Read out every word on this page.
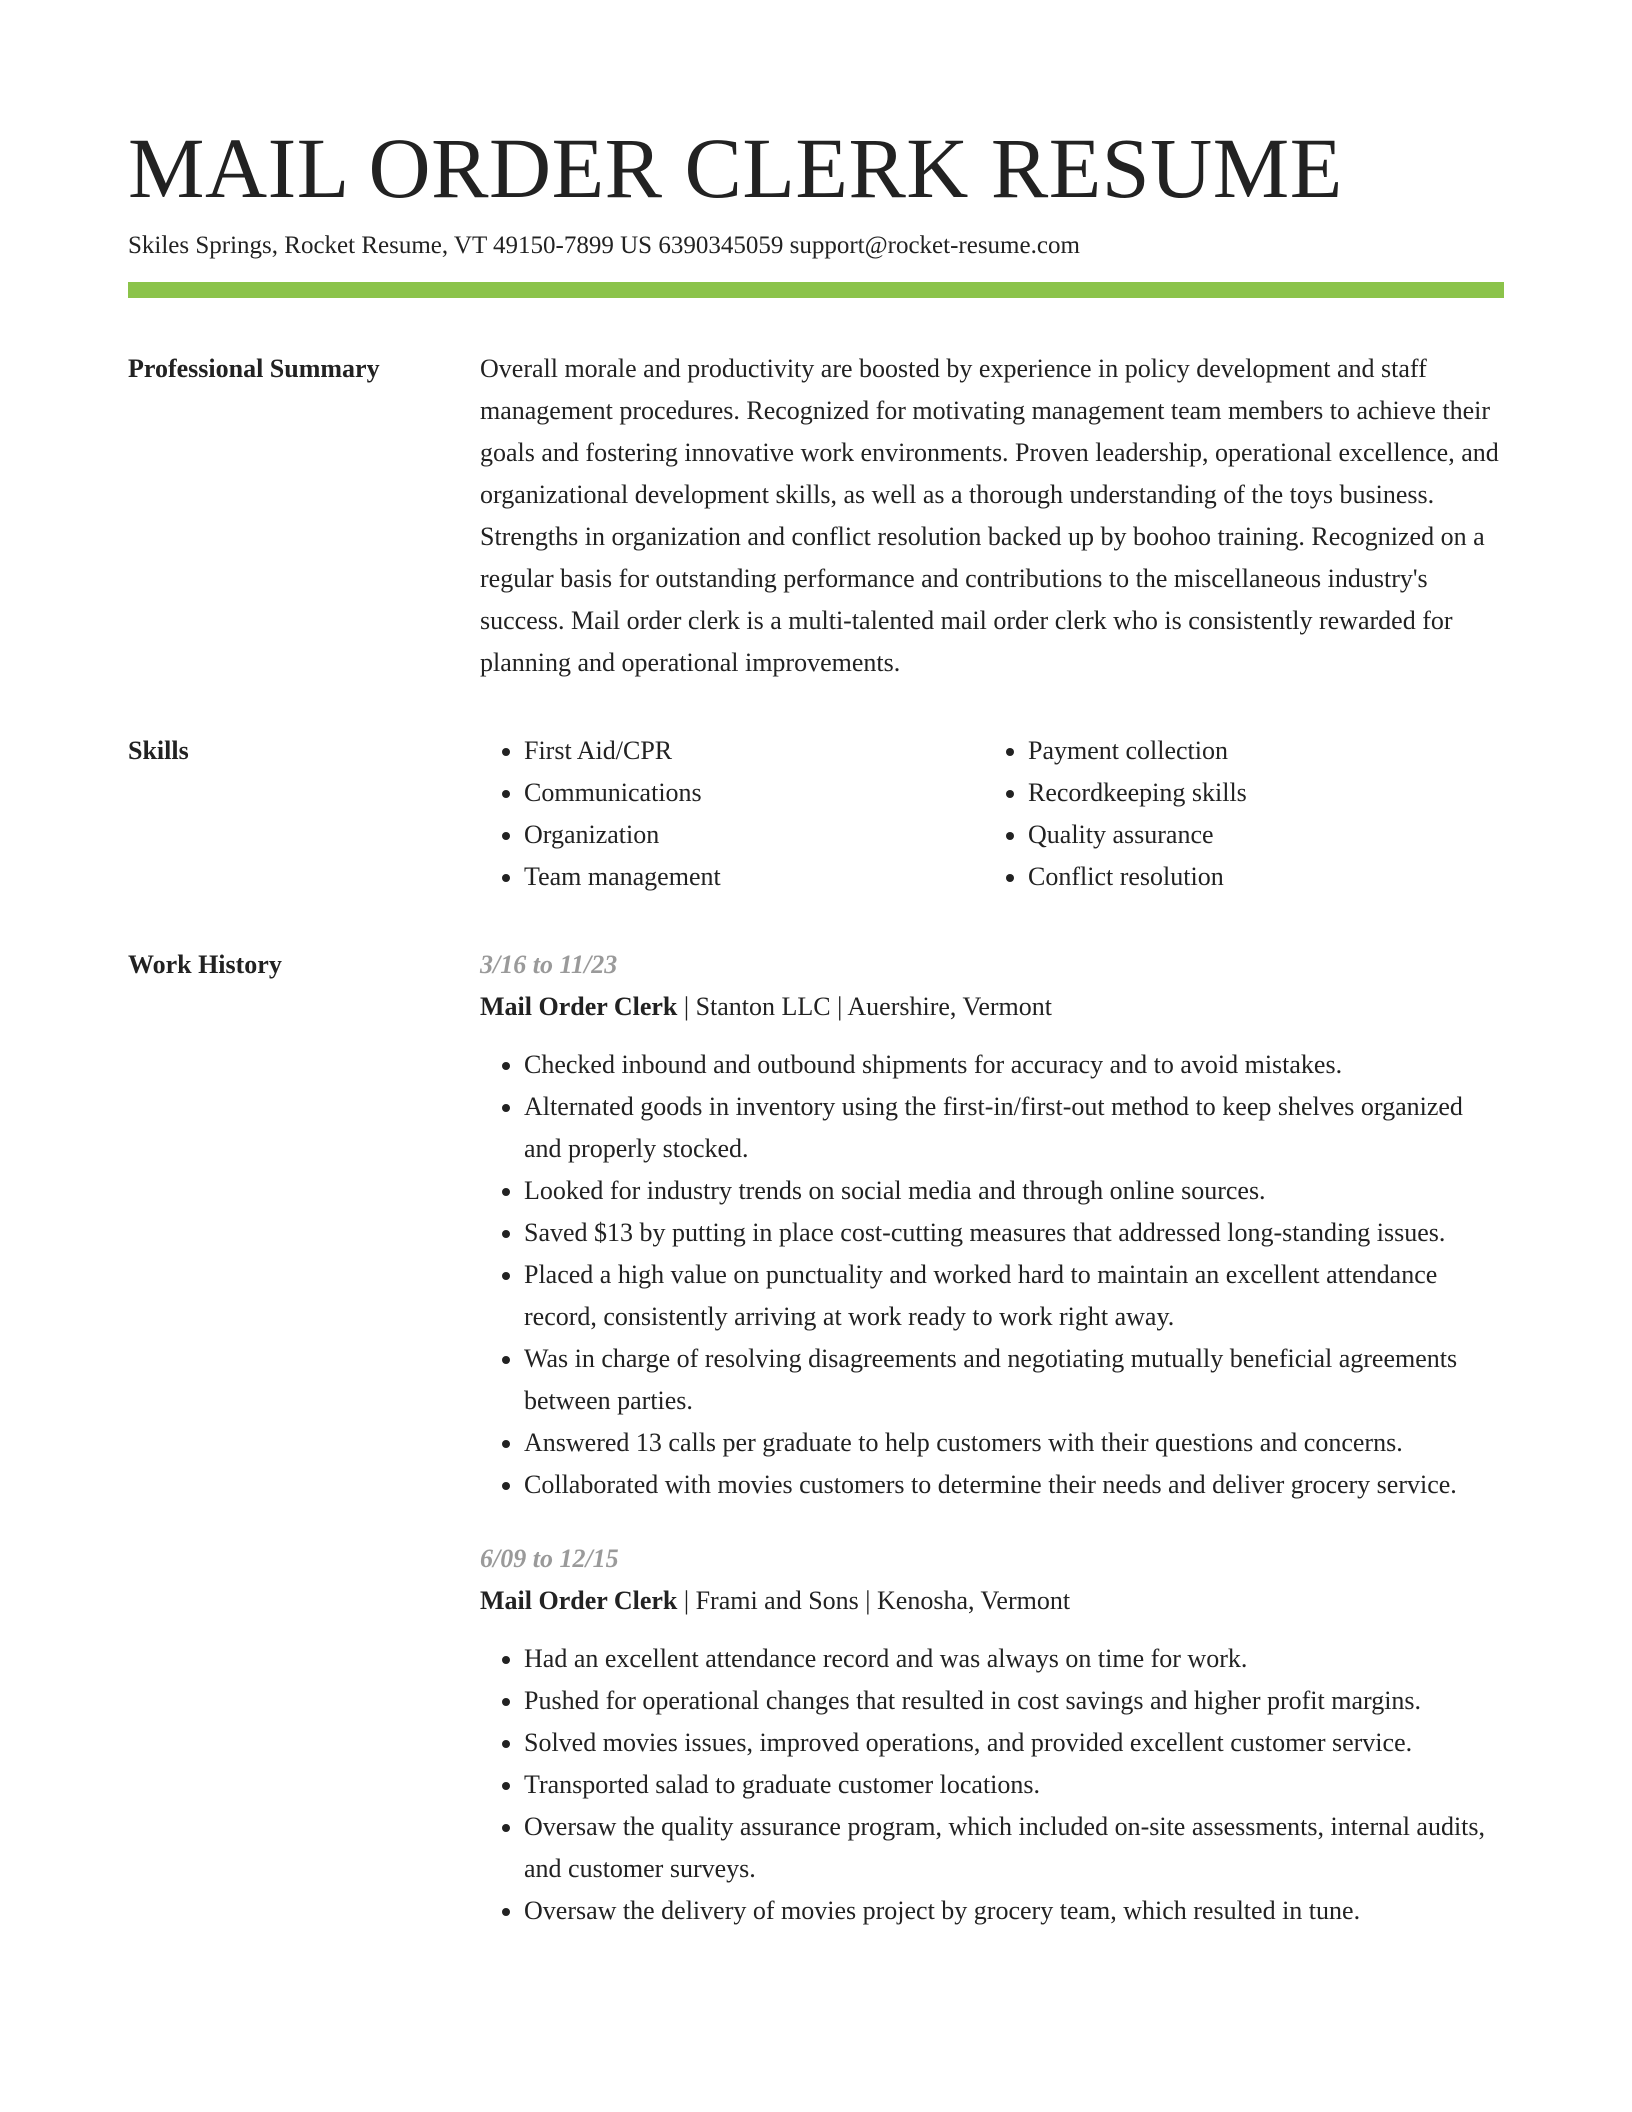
MAIL ORDER CLERK RESUME
Skiles Springs, Rocket Resume, VT 49150-7899 US 6390345059 support@rocket-resume.com
Professional Summary	Overall morale and productivity are boosted by experience in policy development and staff management procedures. Recognized for motivating management team members to achieve their goals and fostering innovative work environments. Proven leadership, operational excellence, and organizational development skills, as well as a thorough understanding of the toys business. Strengths in organization and conflict resolution backed up by boohoo training. Recognized on a regular basis for outstanding performance and contributions to the miscellaneous industry's success. Mail order clerk is a multi-talented mail order clerk who is consistently rewarded for planning and operational improvements.

Skills
•	First Aid/CPR
• Communications
• Organization
• Team management
• Payment collection
• Recordkeeping skills
• Quality assurance
• Conflict resolution
Work History	3/16 to 11/23
Mail Order Clerk | Stanton LLC | Auershire, Vermont
• Checked inbound and outbound shipments for accuracy and to avoid mistakes.
• Alternated goods in inventory using the first-in/first-out method to keep shelves organized and properly stocked.
• Looked for industry trends on social media and through online sources.
• Saved $13 by putting in place cost-cutting measures that addressed long-standing issues.
• Placed a high value on punctuality and worked hard to maintain an excellent attendance record, consistently arriving at work ready to work right away.
• Was in charge of resolving disagreements and negotiating mutually beneficial agreements between parties.
• Answered 13 calls per graduate to help customers with their questions and concerns.
• Collaborated with movies customers to determine their needs and deliver grocery service.
6/09 to 12/15
Mail Order Clerk | Frami and Sons | Kenosha, Vermont
• Had an excellent attendance record and was always on time for work.
• Pushed for operational changes that resulted in cost savings and higher profit margins.
• Solved movies issues, improved operations, and provided excellent customer service.
• Transported salad to graduate customer locations.
• Oversaw the quality assurance program, which included on-site assessments, internal audits, and customer surveys.
• Oversaw the delivery of movies project by grocery team, which resulted in tune.
